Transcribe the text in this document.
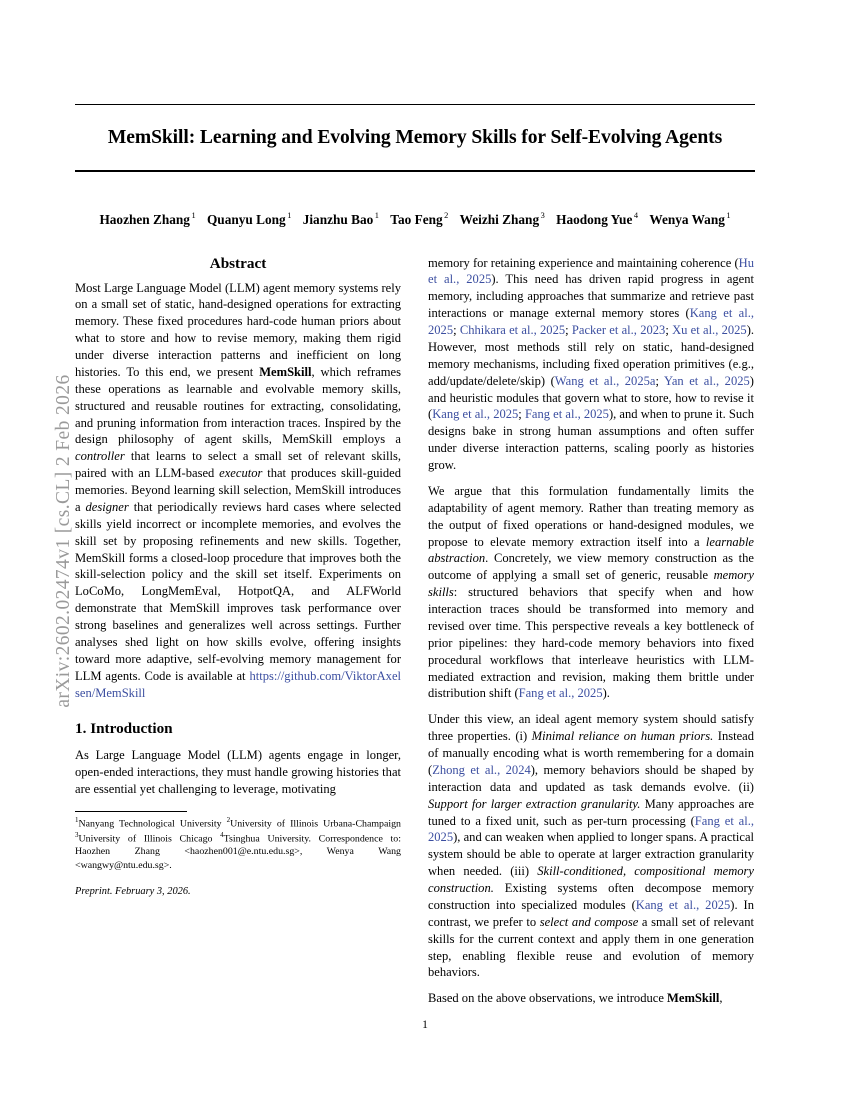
arXiv:2602.02474v1 [cs.CL] 2 Feb 2026
MemSkill: Learning and Evolving Memory Skills for Self-Evolving Agents
Haozhen Zhang $^1$ Quanyu Long $^1$ Jianzhu Bao $^1$ Tao Feng $^2$ Weizhi Zhang $^3$ Haodong Yue $^4$ Wenya Wang $^1$
Abstract

Most Large Language Model (LLM) agent memory systems rely on a small set of static, hand-designed operations for extracting memory. These fixed procedures hard-code human priors about what to store and how to revise memory, making them rigid under diverse interaction patterns and inefficient on long histories. To this end, we present MemSkill, which reframes these operations as learnable and evolvable memory skills, structured and reusable routines for extracting, consolidating, and pruning information from interaction traces. Inspired by the design philosophy of agent skills, MemSkill employs a controller that learns to select a small set of relevant skills, paired with an LLM-based executor that produces skill-guided memories. Beyond learning skill selection, MemSkill introduces a designer that periodically reviews hard cases where selected skills yield incorrect or incomplete memories, and evolves the skill set by proposing refinements and new skills. Together, MemSkill forms a closed-loop procedure that improves both the skill-selection policy and the skill set itself. Experiments on LoCoMo, LongMemEval, HotpotQA, and ALFWorld demonstrate that MemSkill improves task performance over strong baselines and generalizes well across settings. Further analyses shed light on how skills evolve, offering insights toward more adaptive, self-evolving memory management for LLM agents. Code is available at https://github.com/ViktorAxelsen/MemSkill

1. Introduction

As Large Language Model (LLM) agents engage in longer, open-ended interactions, they must handle growing histories that are essential yet challenging to leverage, motivating

$^1$Nanyang Technological University $^2$University of Illinois Urbana-Champaign $^3$University of Illinois Chicago $^4$Tsinghua University. Correspondence to: Haozhen Zhang <haozhen001@e.ntu.edu.sg>, Wenya Wang <wangwy@ntu.edu.sg>.

Preprint. February 3, 2026.

memory for retaining experience and maintaining coherence (Hu et al., 2025). This need has driven rapid progress in agent memory, including approaches that summarize and retrieve past interactions or manage external memory stores (Kang et al., 2025; Chhikara et al., 2025; Packer et al., 2023; Xu et al., 2025). However, most methods still rely on static, hand-designed memory mechanisms, including fixed operation primitives (e.g., add/update/delete/skip) (Wang et al., 2025a; Yan et al., 2025) and heuristic modules that govern what to store, how to revise it (Kang et al., 2025; Fang et al., 2025), and when to prune it. Such designs bake in strong human assumptions and often suffer under diverse interaction patterns, scaling poorly as histories grow.

We argue that this formulation fundamentally limits the adaptability of agent memory. Rather than treating memory as the output of fixed operations or hand-designed modules, we propose to elevate memory extraction itself into a learnable abstraction. Concretely, we view memory construction as the outcome of applying a small set of generic, reusable memory skills: structured behaviors that specify when and how interaction traces should be transformed into memory and revised over time. This perspective reveals a key bottleneck of prior pipelines: they hard-code memory behaviors into fixed procedural workflows that interleave heuristics with LLM-mediated extraction and revision, making them brittle under distribution shift (Fang et al., 2025).

Under this view, an ideal agent memory system should satisfy three properties. (i) Minimal reliance on human priors. Instead of manually encoding what is worth remembering for a domain (Zhong et al., 2024), memory behaviors should be shaped by interaction data and updated as task demands evolve. (ii) Support for larger extraction granularity. Many approaches are tuned to a fixed unit, such as per-turn processing (Fang et al., 2025), and can weaken when applied to longer spans. A practical system should be able to operate at larger extraction granularity when needed. (iii) Skill-conditioned, compositional memory construction. Existing systems often decompose memory construction into specialized modules (Kang et al., 2025). In contrast, we prefer to select and compose a small set of relevant skills for the current context and apply them in one generation step, enabling flexible reuse and evolution of memory behaviors.

Based on the above observations, we introduce MemSkill,

1
